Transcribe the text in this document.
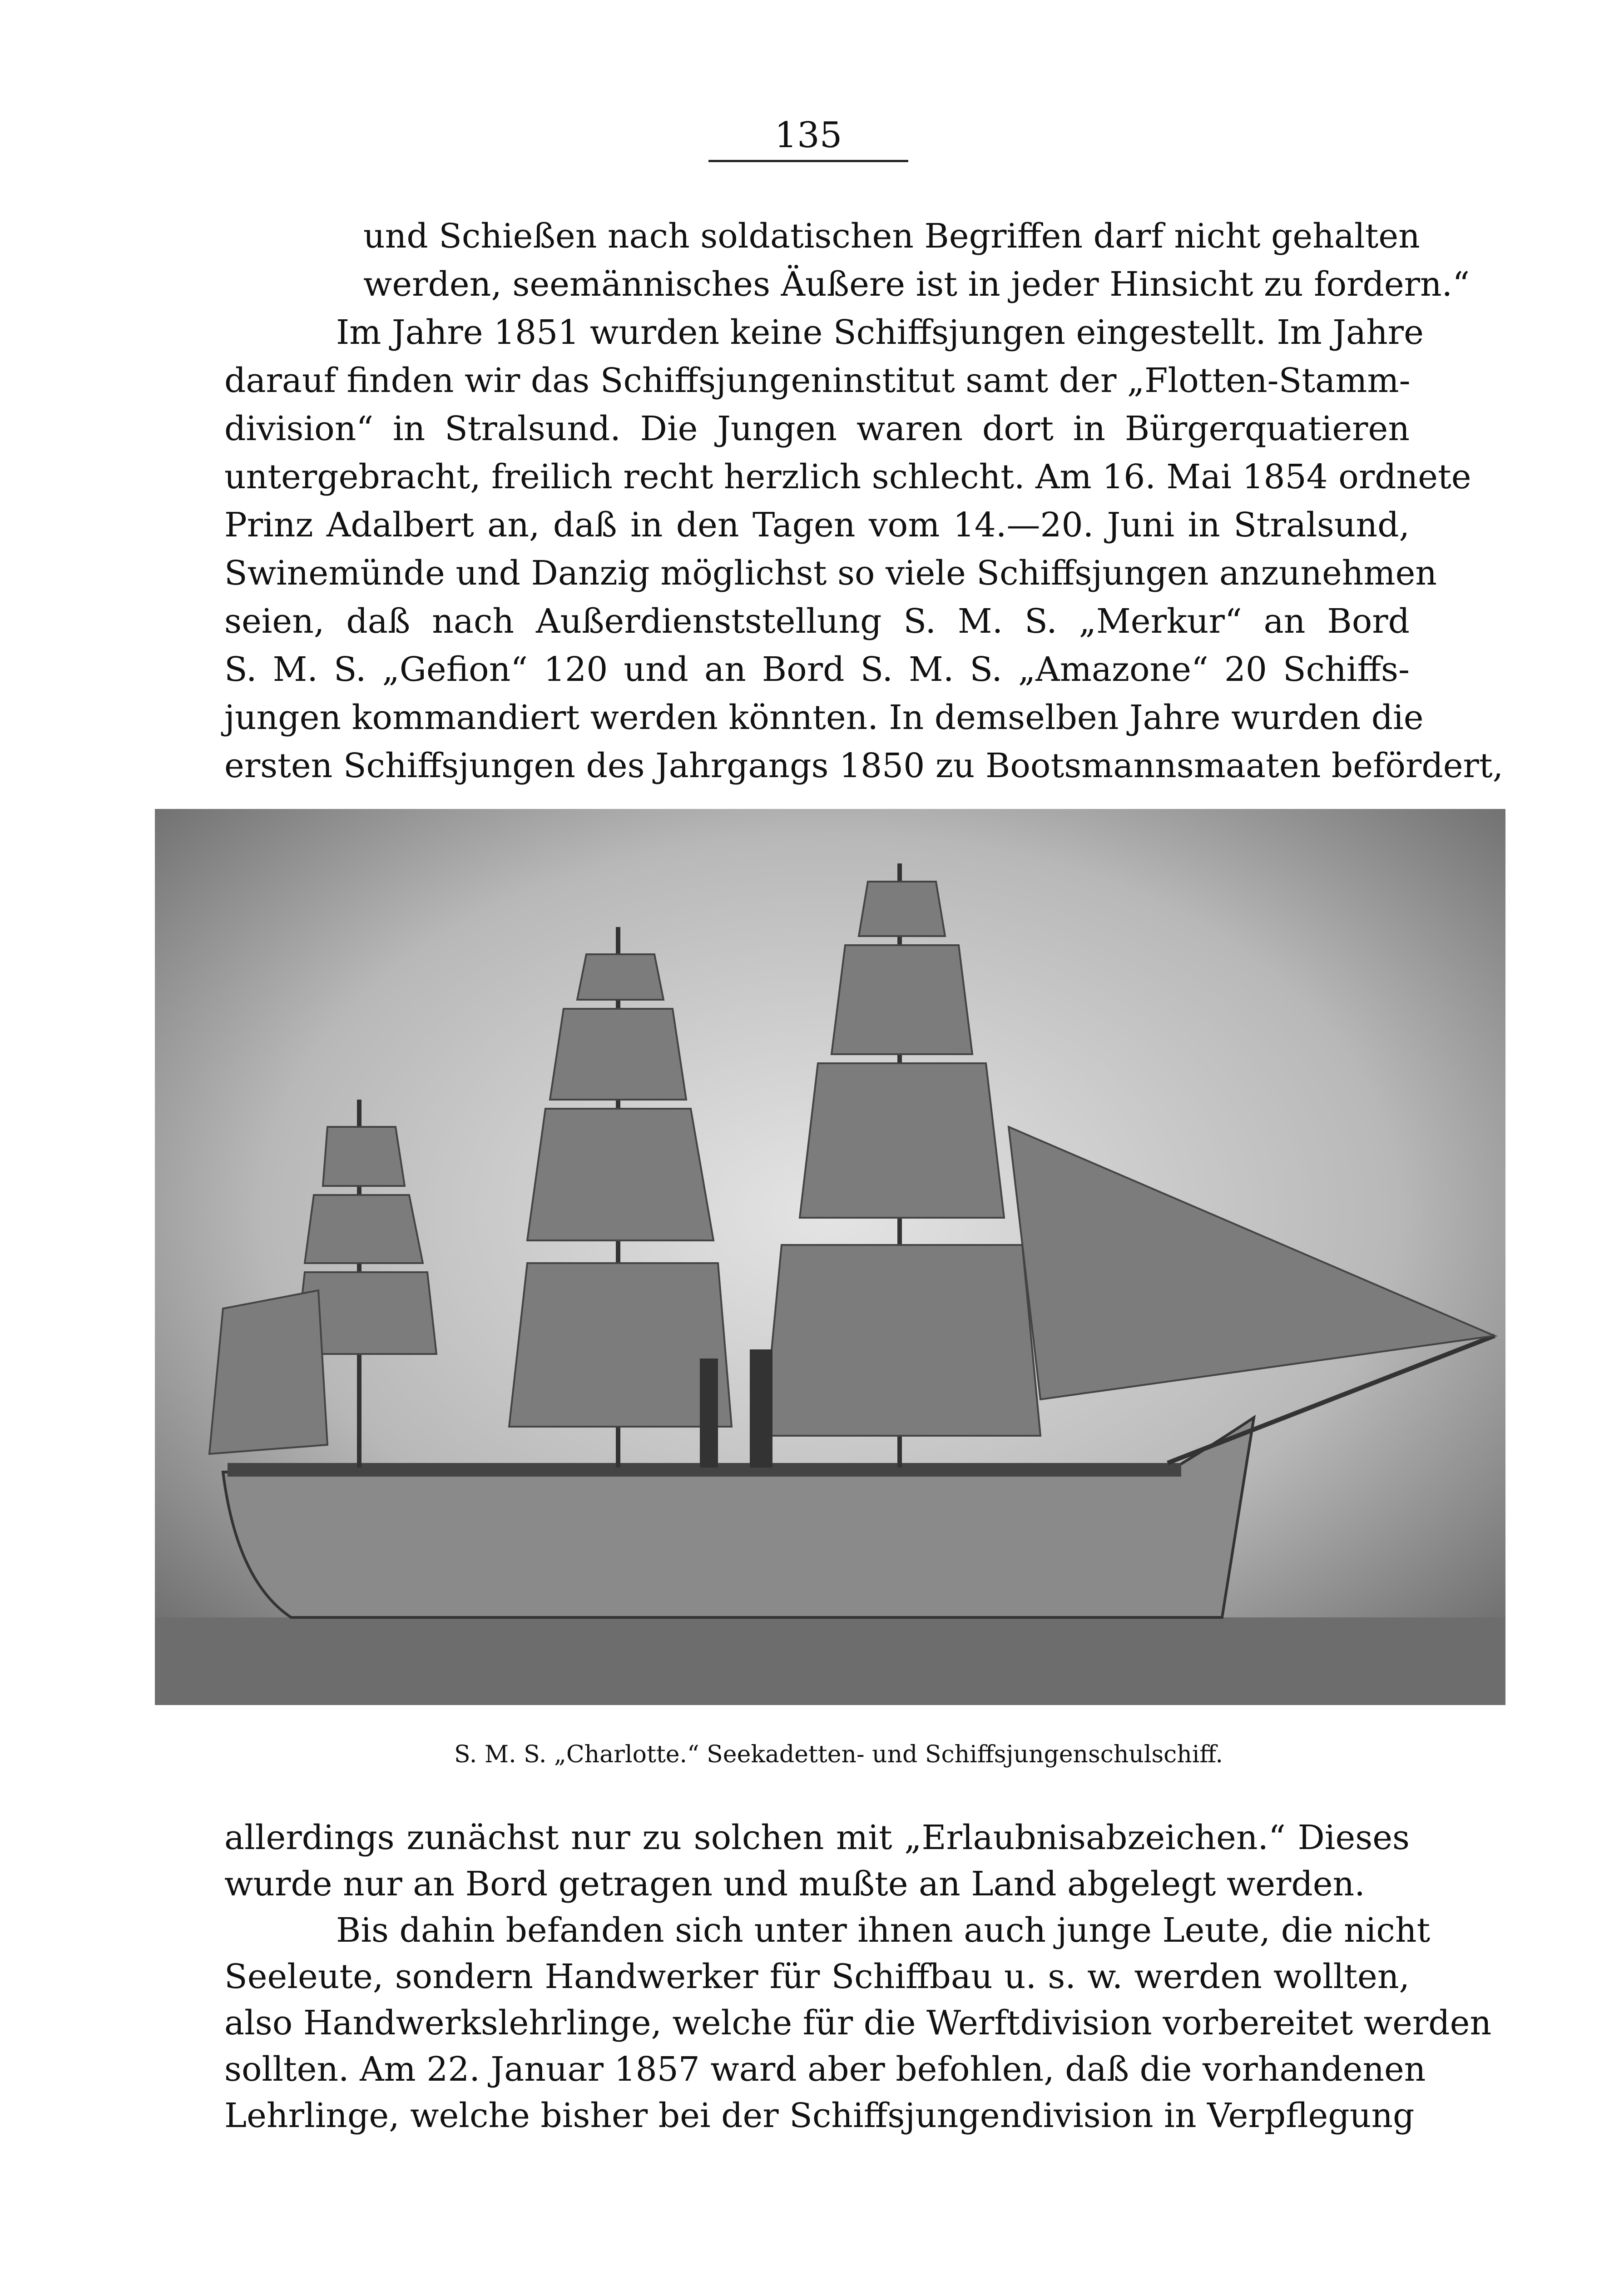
135
und Schießen nach soldatischen Begriffen darf nicht gehalten
werden, seemännisches Äußere ist in jeder Hinsicht zu fordern.“
Im Jahre 1851 wurden keine Schiffsjungen eingestellt. Im Jahre
darauf finden wir das Schiffsjungeninstitut samt der „Flotten-Stamm-
division“ in Stralsund. Die Jungen waren dort in Bürgerquatieren
untergebracht, freilich recht herzlich schlecht. Am 16. Mai 1854 ordnete
Prinz Adalbert an, daß in den Tagen vom 14.—20. Juni in Stralsund,
Swinemünde und Danzig möglichst so viele Schiffsjungen anzunehmen
seien, daß nach Außerdienststellung S. M. S. „Merkur“ an Bord
S. M. S. „Gefion“ 120 und an Bord S. M. S. „Amazone“ 20 Schiffs-
jungen kommandiert werden könnten. In demselben Jahre wurden die
ersten Schiffsjungen des Jahrgangs 1850 zu Bootsmannsmaaten befördert,
S. M. S. „Charlotte.“ Seekadetten- und Schiffsjungenschulschiff.
allerdings zunächst nur zu solchen mit „Erlaubnisabzeichen.“ Dieses
wurde nur an Bord getragen und mußte an Land abgelegt werden.
Bis dahin befanden sich unter ihnen auch junge Leute, die nicht
Seeleute, sondern Handwerker für Schiffbau u. s. w. werden wollten,
also Handwerkslehrlinge, welche für die Werftdivision vorbereitet werden
sollten. Am 22. Januar 1857 ward aber befohlen, daß die vorhandenen
Lehrlinge, welche bisher bei der Schiffsjungendivision in Verpflegung
